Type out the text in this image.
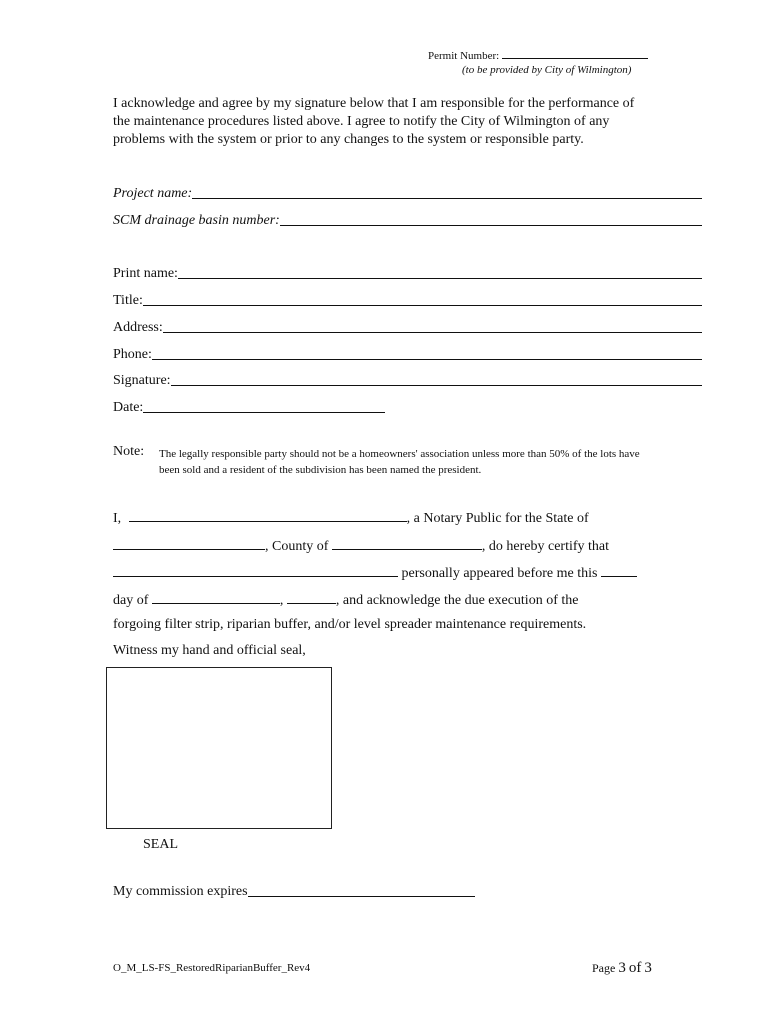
Permit Number:
(to be provided by City of Wilmington)
I acknowledge and agree by my signature below that I am responsible for the performance of the maintenance procedures listed above. I agree to notify the City of Wilmington of any problems with the system or prior to any changes to the system or responsible party.
Project name:
SCM drainage basin number:
Print name:
Title:
Address:
Phone:
Signature:
Date:
Note: The legally responsible party should not be a homeowners' association unless more than 50% of the lots have been sold and a resident of the subdivision has been named the president.
I,	, a Notary Public for the State of
, County of	, do hereby certify that
personally appeared before me this
day of	,	, and acknowledge the due execution of the
forgoing filter strip, riparian buffer, and/or level spreader maintenance requirements.
Witness my hand and official seal,
SEAL
My commission expires
O_M_LS-FS_RestoredRiparianBuffer_Rev4	Page 3 of 3
